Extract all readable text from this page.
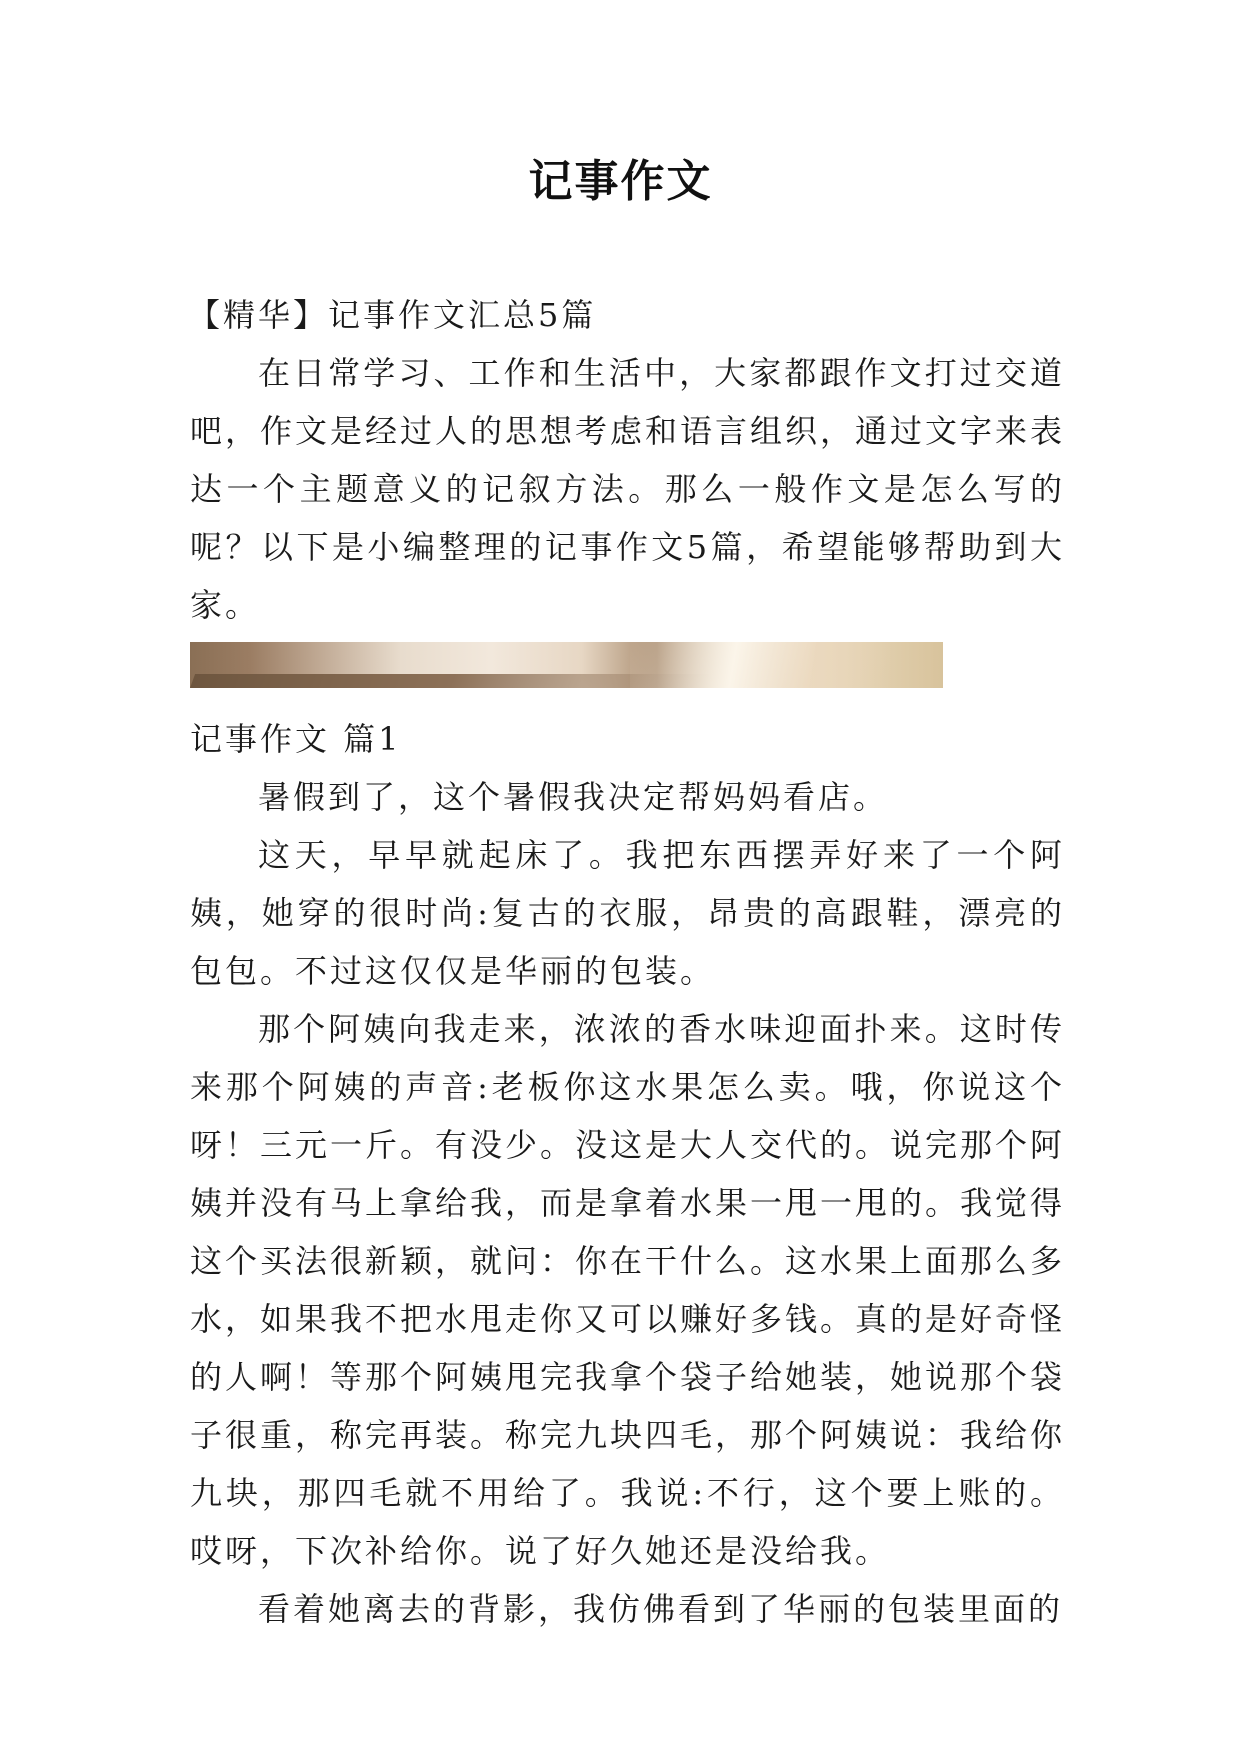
记事作文

【精华】记事作文汇总5篇

在日常学习、工作和生活中，大家都跟作文打过交道吧，作文是经过人的思想考虑和语言组织，通过文字来表达一个主题意义的记叙方法。那么一般作文是怎么写的呢？以下是小编整理的记事作文5篇，希望能够帮助到大家。

记事作文 篇1

暑假到了，这个暑假我决定帮妈妈看店。

这天，早早就起床了。我把东西摆弄好来了一个阿姨，她穿的很时尚:复古的衣服，昂贵的高跟鞋，漂亮的包包。不过这仅仅是华丽的包装。

那个阿姨向我走来，浓浓的香水味迎面扑来。这时传来那个阿姨的声音:老板你这水果怎么卖。哦，你说这个呀！三元一斤。有没少。没这是大人交代的。说完那个阿姨并没有马上拿给我，而是拿着水果一甩一甩的。我觉得这个买法很新颖，就问：你在干什么。这水果上面那么多水，如果我不把水甩走你又可以赚好多钱。真的是好奇怪的人啊！等那个阿姨甩完我拿个袋子给她装，她说那个袋子很重，称完再装。称完九块四毛，那个阿姨说：我给你九块，那四毛就不用给了。我说:不行，这个要上账的。哎呀，下次补给你。说了好久她还是没给我。

看着她离去的背影，我仿佛看到了华丽的包装里面的
